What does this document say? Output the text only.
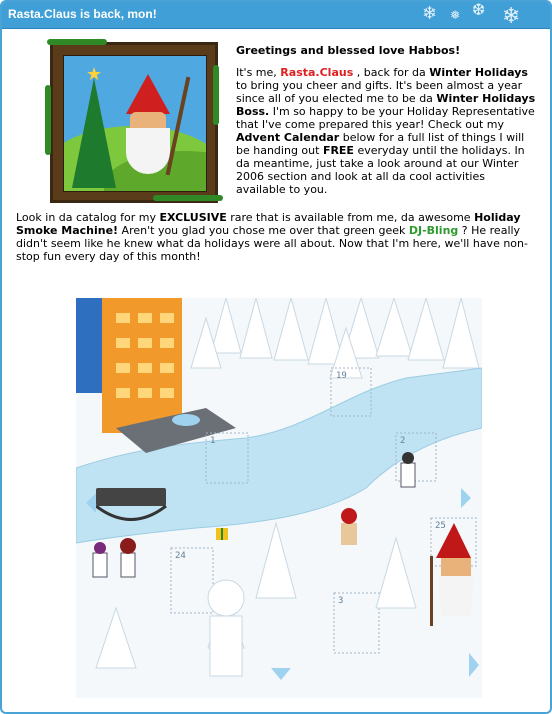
Rasta.Claus is back, mon!	❄ ❅ ❆ ❄
★

Greetings and blessed love Habbos!

It's me, Rasta.Claus , back for da Winter Holidays to bring you cheer and gifts. It's been almost a year since all of you elected me to be da Winter Holidays Boss. I'm so happy to be your Holiday Representative that I've come prepared this year! Check out my Advent Calendar below for a full list of things I will be handing out FREE everyday until the holidays. In da meantime, just take a look around at our Winter 2006 section and look at all da cool activities available to you.

Look in da catalog for my EXCLUSIVE rare that is available from me, da awesome Holiday Smoke Machine! Aren't you glad you chose me over that green geek DJ-Bling ? He really didn't seem like he knew what da holidays were all about. Now that I'm here, we'll have non-stop fun every day of this month!
19
1	2
25
24
3
